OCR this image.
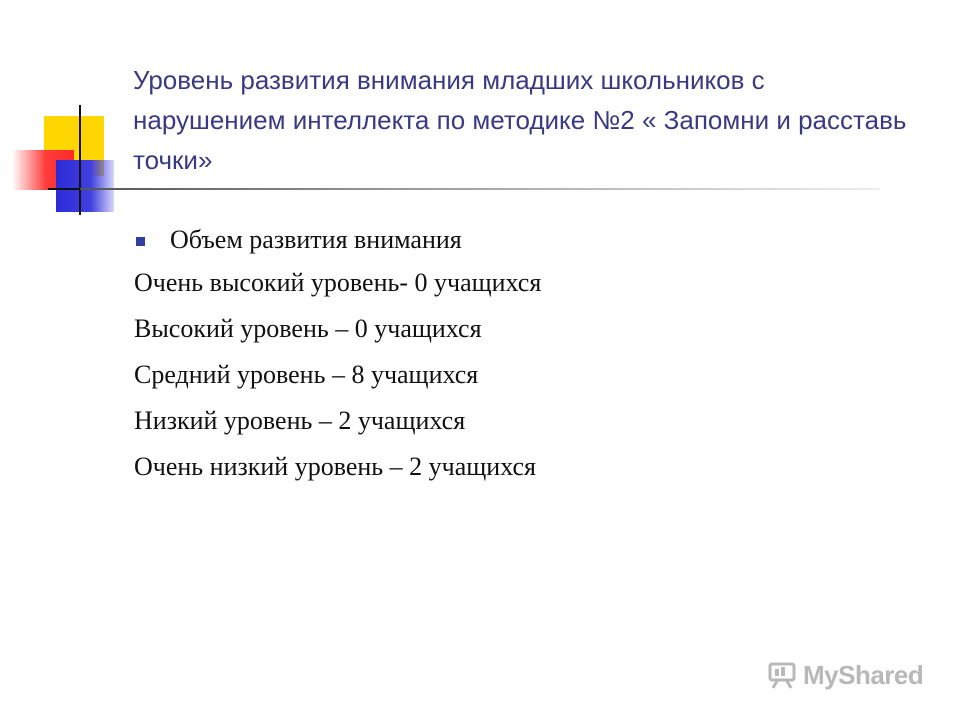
Уровень развития внимания младших школьников с нарушением интеллекта по методике №2 « Запомни и расставь точки»
Объем развития внимания
Очень высокий уровень- 0 учащихся
Высокий уровень – 0 учащихся
Средний уровень – 8 учащихся
Низкий уровень – 2 учащихся
Очень низкий уровень – 2 учащихся
MyShared
